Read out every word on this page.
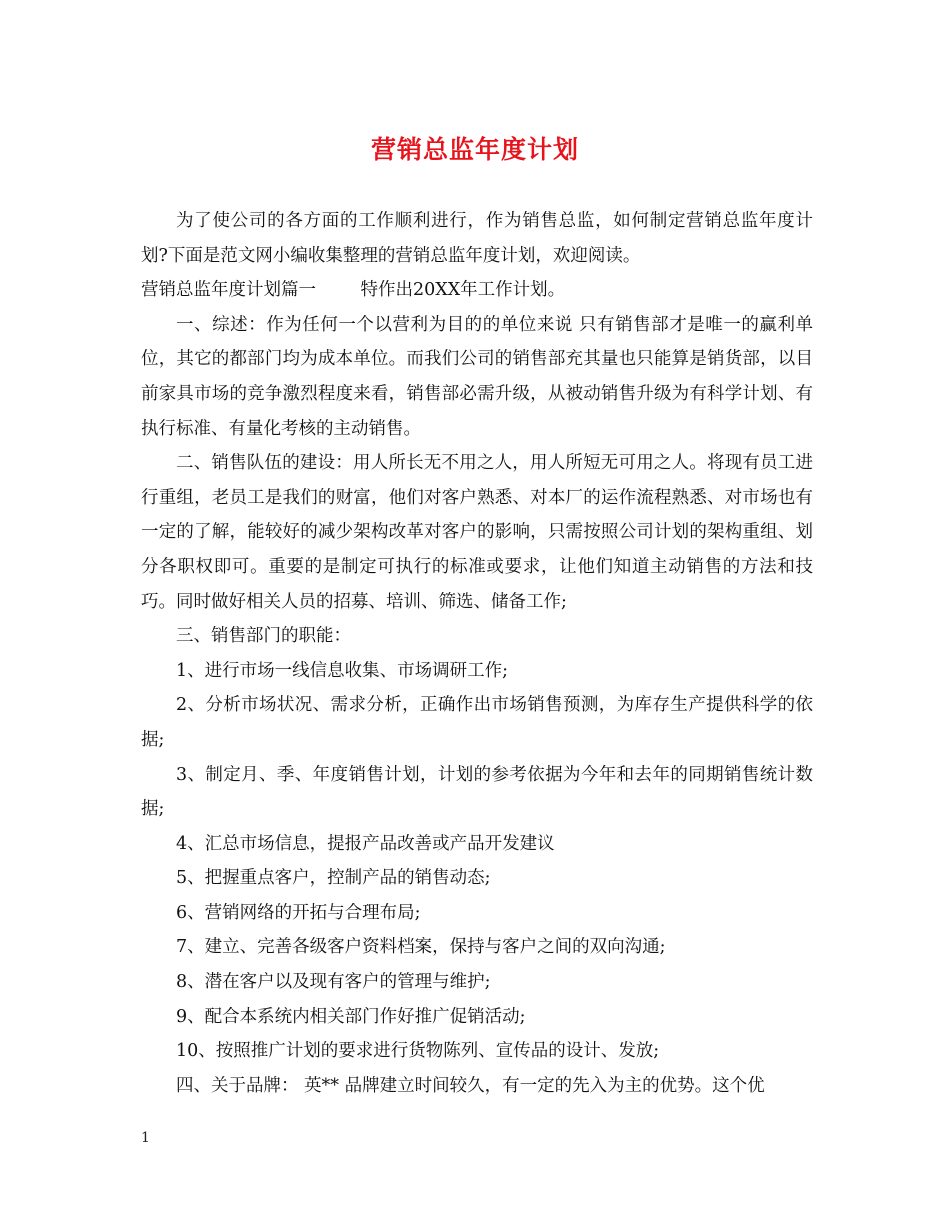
营销总监年度计划

为了使公司的各方面的工作顺利进行，作为销售总监，如何制定营销总监年度计划?下面是范文网小编收集整理的营销总监年度计划，欢迎阅读。

营销总监年度计划篇一        特作出20XX年工作计划。

一、综述：作为任何一个以营利为目的的单位来说 只有销售部才是唯一的赢利单位，其它的都部门均为成本单位。而我们公司的销售部充其量也只能算是销货部，以目前家具市场的竞争激烈程度来看，销售部必需升级，从被动销售升级为有科学计划、有执行标准、有量化考核的主动销售。

二、销售队伍的建设：用人所长无不用之人，用人所短无可用之人。将现有员工进行重组，老员工是我们的财富，他们对客户熟悉、对本厂的运作流程熟悉、对市场也有一定的了解，能较好的减少架构改革对客户的影响，只需按照公司计划的架构重组、划分各职权即可。重要的是制定可执行的标准或要求，让他们知道主动销售的方法和技巧。同时做好相关人员的招募、培训、筛选、储备工作;

三、销售部门的职能：

1、进行市场一线信息收集、市场调研工作;

2、分析市场状况、需求分析，正确作出市场销售预测，为库存生产提供科学的依据;

3、制定月、季、年度销售计划，计划的参考依据为今年和去年的同期销售统计数据;

4、汇总市场信息，提报产品改善或产品开发建议

5、把握重点客户，控制产品的销售动态;

6、营销网络的开拓与合理布局;

7、建立、完善各级客户资料档案，保持与客户之间的双向沟通;

8、潜在客户以及现有客户的管理与维护;

9、配合本系统内相关部门作好推广促销活动;

10、按照推广计划的要求进行货物陈列、宣传品的设计、发放;

四、关于品牌： 英** 品牌建立时间较久，有一定的先入为主的优势。这个优

1
